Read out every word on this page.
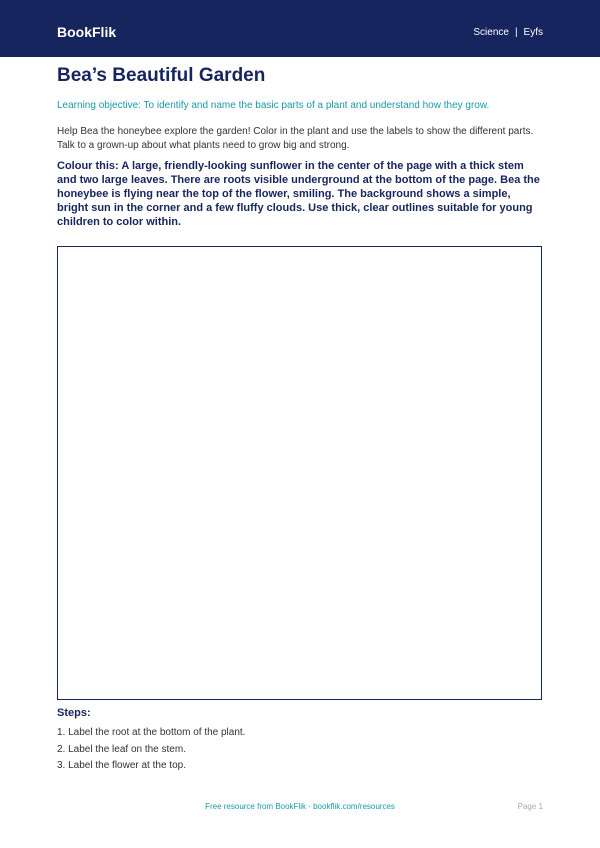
BookFlik	Science | Eyfs
Bea’s Beautiful Garden
Learning objective: To identify and name the basic parts of a plant and understand how they grow.
Help Bea the honeybee explore the garden! Color in the plant and use the labels to show the different parts. Talk to a grown-up about what plants need to grow big and strong.
Colour this: A large, friendly-looking sunflower in the center of the page with a thick stem and two large leaves. There are roots visible underground at the bottom of the page. Bea the honeybee is flying near the top of the flower, smiling. The background shows a simple, bright sun in the corner and a few fluffy clouds. Use thick, clear outlines suitable for young children to color within.
Steps:
1. Label the root at the bottom of the plant.
2. Label the leaf on the stem.
3. Label the flower at the top.
Free resource from BookFlik · bookflik.com/resources	Page 1
